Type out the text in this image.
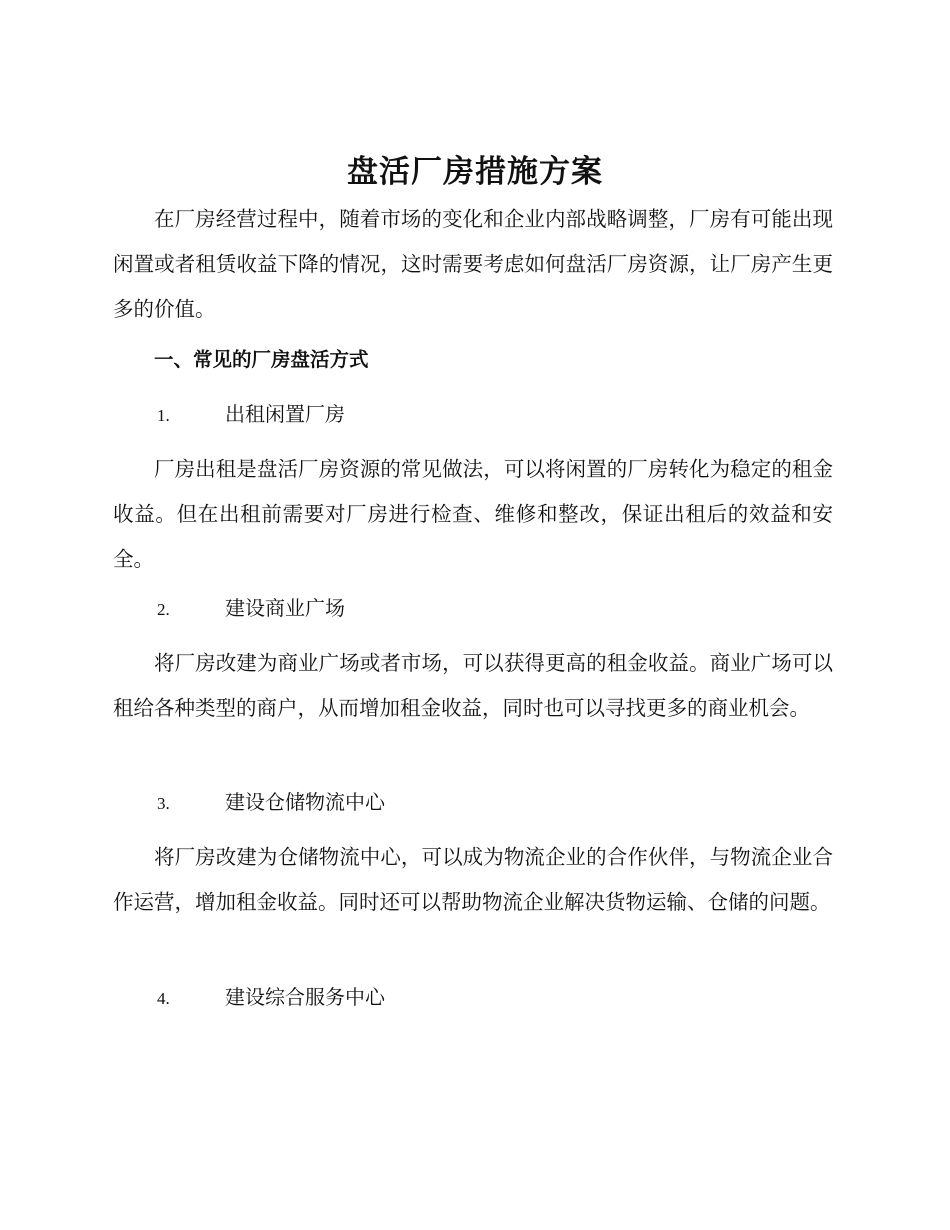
盘活厂房措施方案

在厂房经营过程中，随着市场的变化和企业内部战略调整，厂房有可能出现闲置或者租赁收益下降的情况，这时需要考虑如何盘活厂房资源，让厂房产生更多的价值。

一、常见的厂房盘活方式
1.	出租闲置厂房

厂房出租是盘活厂房资源的常见做法，可以将闲置的厂房转化为稳定的租金收益。但在出租前需要对厂房进行检查、维修和整改，保证出租后的效益和安全。

2.	建设商业广场

将厂房改建为商业广场或者市场，可以获得更高的租金收益。商业广场可以租给各种类型的商户，从而增加租金收益，同时也可以寻找更多的商业机会。

3.	建设仓储物流中心

将厂房改建为仓储物流中心，可以成为物流企业的合作伙伴，与物流企业合作运营，增加租金收益。同时还可以帮助物流企业解决货物运输、仓储的问题。

4.	建设综合服务中心
